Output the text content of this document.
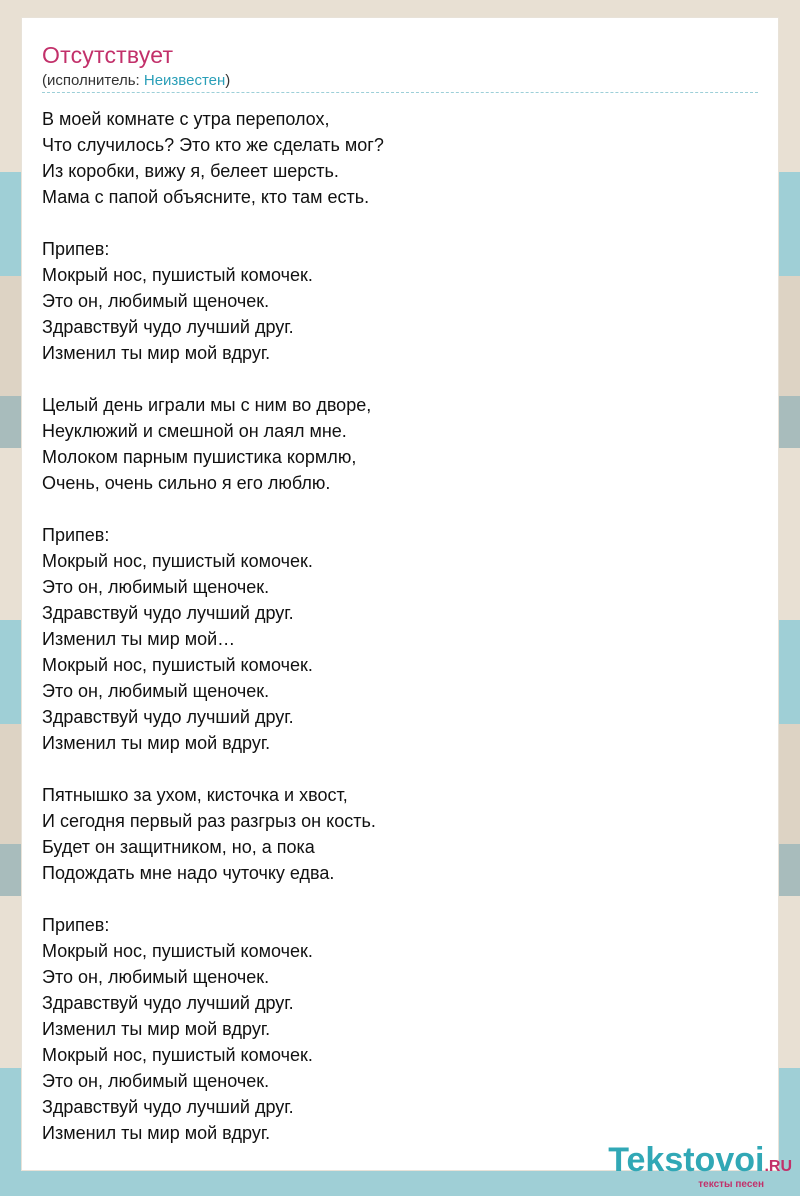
Отсутствует
(исполнитель: Неизвестен)
В моей комнате с утра переполох,
Что случилось? Это кто же сделать мог?
Из коробки, вижу я, белеет шерсть.
Мама с папой объясните, кто там есть.
Припев:
Мокрый нос, пушистый комочек.
Это он, любимый щеночек.
Здравствуй чудо лучший друг.
Изменил ты мир мой вдруг.
Целый день играли мы с ним во дворе,
Неуклюжий и смешной он лаял мне.
Молоком парным пушистика кормлю,
Очень, очень сильно я его люблю.
Припев:
Мокрый нос, пушистый комочек.
Это он, любимый щеночек.
Здравствуй чудо лучший друг.
Изменил ты мир мой…
Мокрый нос, пушистый комочек.
Это он, любимый щеночек.
Здравствуй чудо лучший друг.
Изменил ты мир мой вдруг.
Пятнышко за ухом, кисточка и хвост,
И сегодня первый раз разгрыз он кость.
Будет он защитником, но, а пока
Подождать мне надо чуточку едва.
Припев:
Мокрый нос, пушистый комочек.
Это он, любимый щеночек.
Здравствуй чудо лучший друг.
Изменил ты мир мой вдруг.
Мокрый нос, пушистый комочек.
Это он, любимый щеночек.
Здравствуй чудо лучший друг.
Изменил ты мир мой вдруг.
Tekstovoi.RU
тексты песен
